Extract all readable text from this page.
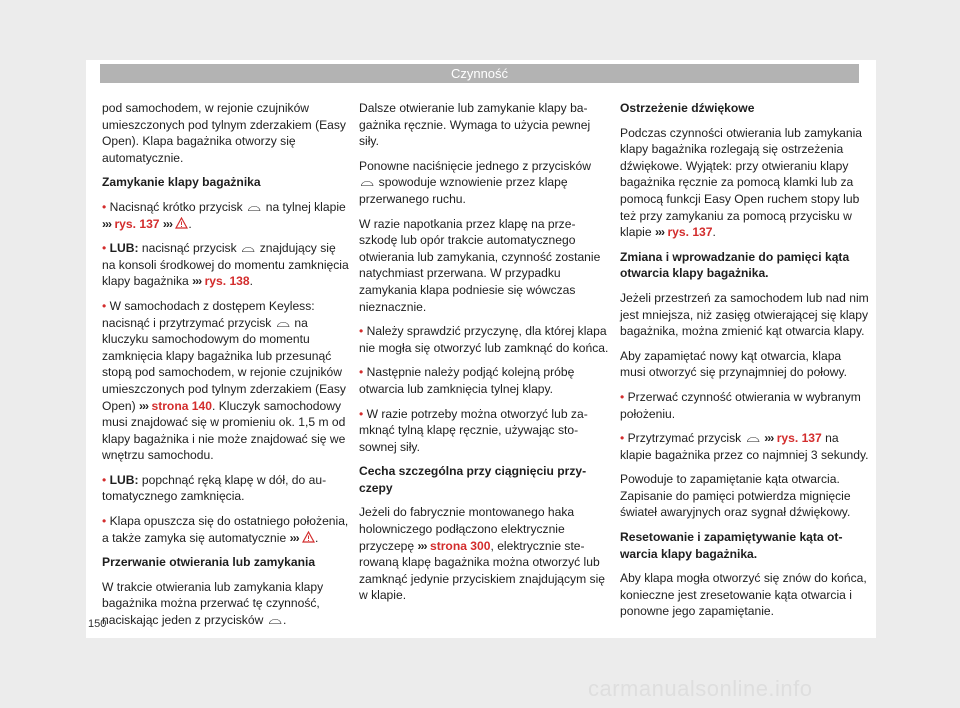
Czynność

pod samochodem, w rejonie czujników umieszczonych pod tylnym zderzakiem (Easy Open). Klapa bagażnika otworzy się automatycznie.

Zamykanie klapy bagażnika

• Nacisnąć krótko przycisk ⌓ na tylnej klapie ››› rys. 137 ››› .

• LUB: nacisnąć przycisk ⌓ znajdujący się na konsoli środkowej do momentu zamknięcia klapy bagażnika ››› rys. 138.

• W samochodach z dostępem Keyless: nacisnąć i przytrzymać przycisk ⌓ na kluczyku samochodowym do momentu zamknięcia klapy bagażnika lub przesunąć stopą pod samochodem, w rejonie czujników umieszczonych pod tylnym zderzakiem (Easy Open) ››› strona 140. Kluczyk samochodowy musi znajdować się w promieniu ok. 1,5 m od klapy bagażnika i nie może znajdować się we wnętrzu samochodu.

• LUB: popchnąć ręką klapę w dół, do automatycznego zamknięcia.

• Klapa opuszcza się do ostatniego położenia, a także zamyka się automatycznie ››› .

Przerwanie otwierania lub zamykania

W trakcie otwierania lub zamykania klapy bagażnika można przerwać tę czynność, naciskając jeden z przycisków ⌓.

Dalsze otwieranie lub zamykanie klapy bagażnika ręcznie. Wymaga to użycia pewnej siły.

Ponowne naciśnięcie jednego z przycisków ⌓ spowoduje wznowienie przez klapę przerwanego ruchu.

W razie napotkania przez klapę na przeszkodę lub opór trakcie automatycznego otwierania lub zamykania, czynność zostanie natychmiast przerwana. W przypadku zamykania klapa podniesie się wówczas nieznacznie.

• Należy sprawdzić przyczynę, dla której klapa nie mogła się otworzyć lub zamknąć do końca.

• Następnie należy podjąć kolejną próbę otwarcia lub zamknięcia tylnej klapy.

• W razie potrzeby można otworzyć lub zamknąć tylną klapę ręcznie, używając stosownej siły.

Cecha szczególna przy ciągnięciu przyczepy

Jeżeli do fabrycznie montowanego haka holowniczego podłączono elektrycznie przyczepę ››› strona 300, elektrycznie sterowaną klapę bagażnika można otworzyć lub zamknąć jedynie przyciskiem znajdującym się w klapie.

Ostrzeżenie dźwiękowe

Podczas czynności otwierania lub zamykania klapy bagażnika rozlegają się ostrzeżenia dźwiękowe. Wyjątek: przy otwieraniu klapy bagażnika ręcznie za pomocą klamki lub za pomocą funkcji Easy Open ruchem stopy lub też przy zamykaniu za pomocą przycisku w klapie ››› rys. 137.

Zmiana i wprowadzanie do pamięci kąta otwarcia klapy bagażnika.

Jeżeli przestrzeń za samochodem lub nad nim jest mniejsza, niż zasięg otwierającej się klapy bagażnika, można zmienić kąt otwarcia klapy.

Aby zapamiętać nowy kąt otwarcia, klapa musi otworzyć się przynajmniej do połowy.

• Przerwać czynność otwierania w wybranym położeniu.

• Przytrzymać przycisk ⌓ ››› rys. 137 na klapie bagażnika przez co najmniej 3 sekundy.

Powoduje to zapamiętanie kąta otwarcia. Zapisanie do pamięci potwierdza mignięcie świateł awaryjnych oraz sygnał dźwiękowy.

Resetowanie i zapamiętywanie kąta otwarcia klapy bagażnika.

Aby klapa mogła otworzyć się znów do końca, konieczne jest zresetowanie kąta otwarcia i ponowne jego zapamiętanie.

150
carmanualsonline.info
